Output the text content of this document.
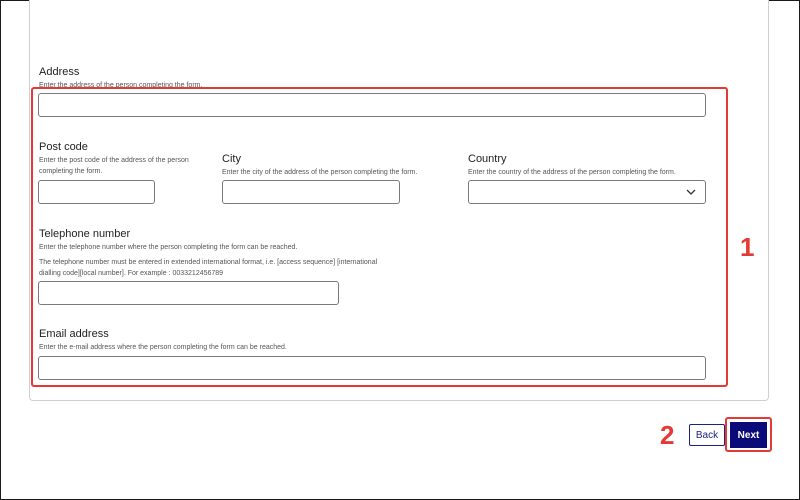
Address
Enter the address of the person completing the form.
Post code
Enter the post code of the address of the person completing the form.
City
Enter the city of the address of the person completing the form.
Country
Enter the country of the address of the person completing the form.
Telephone number
Enter the telephone number where the person completing the form can be reached.
The telephone number must be entered in extended international format, i.e. [access sequence] [international dialling code][local number]. For example : 0033212456789
Email address
Enter the e-mail address where the person completing the form can be reached.
1
2	Back	Next
